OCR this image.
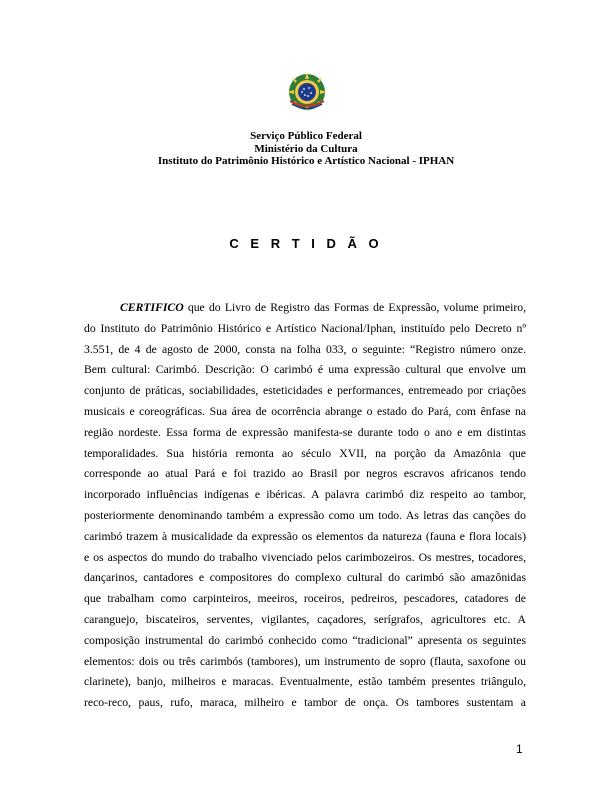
Serviço Público Federal
Ministério da Cultura
Instituto do Patrimônio Histórico e Artístico Nacional - IPHAN
C E R T I D Ã O
CERTIFICO que do Livro de Registro das Formas de Expressão, volume primeiro,
do Instituto do Patrimônio Histórico e Artístico Nacional/Iphan, instituído pelo Decreto nº
3.551, de 4 de agosto de 2000, consta na folha 033, o seguinte: “Registro número onze.
Bem cultural: Carimbó. Descrição: O carimbó é uma expressão cultural que envolve um
conjunto de práticas, sociabilidades, esteticidades e performances, entremeado por criações
musicais e coreográficas. Sua área de ocorrência abrange o estado do Pará, com ênfase na
região nordeste. Essa forma de expressão manifesta-se durante todo o ano e em distintas
temporalidades. Sua história remonta ao século XVII, na porção da Amazônia que
corresponde ao atual Pará e foi trazido ao Brasil por negros escravos africanos tendo
incorporado influências indígenas e ibéricas. A palavra carimbó diz respeito ao tambor,
posteriormente denominando também a expressão como um todo. As letras das canções do
carimbó trazem à musicalidade da expressão os elementos da natureza (fauna e flora locais)
e os aspectos do mundo do trabalho vivenciado pelos carimbozeiros. Os mestres, tocadores,
dançarinos, cantadores e compositores do complexo cultural do carimbó são amazônidas
que trabalham como carpinteiros, meeiros, roceiros, pedreiros, pescadores, catadores de
caranguejo, biscateiros, serventes, vigilantes, caçadores, serígrafos, agricultores etc. A
composição instrumental do carimbó conhecido como “tradicional” apresenta os seguintes
elementos: dois ou três carimbós (tambores), um instrumento de sopro (flauta, saxofone ou
clarinete), banjo, milheiros e maracas. Eventualmente, estão também presentes triângulo,
reco-reco, paus, rufo, maraca, milheiro e tambor de onça. Os tambores sustentam a
1
